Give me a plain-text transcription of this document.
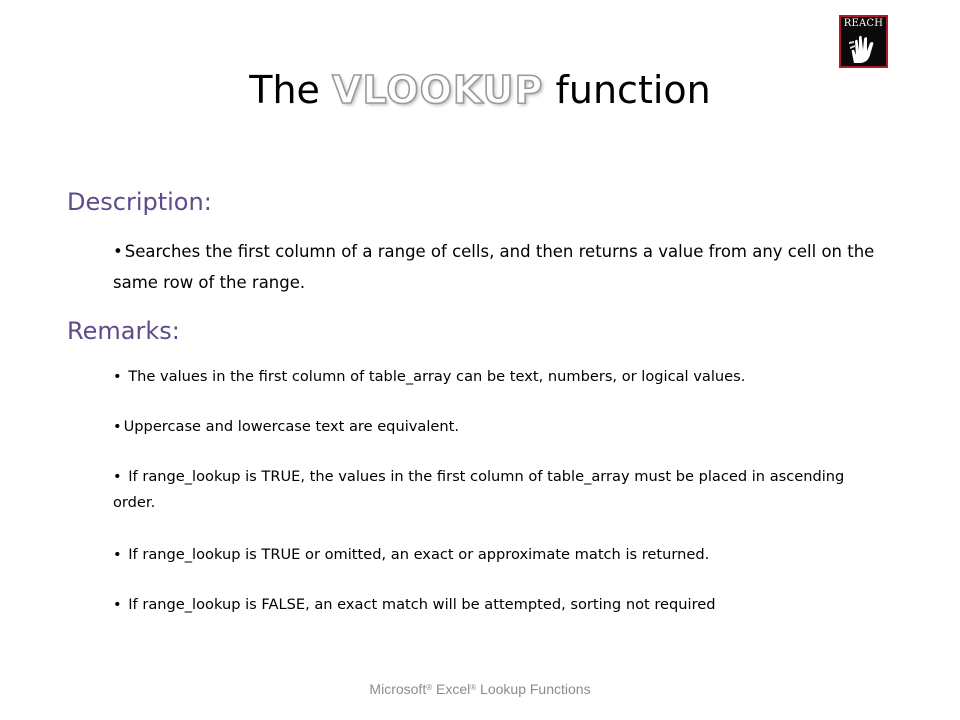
REACH
The VLOOKUP function
Description:
• Searches the first column of a range of cells, and then returns a value from any cell on the same row of the range.
Remarks:
• The values in the first column of table_array can be text, numbers, or logical values.
• Uppercase and lowercase text are equivalent.
• If range_lookup is TRUE, the values in the first column of table_array must be placed in ascending order.
• If range_lookup is TRUE or omitted, an exact or approximate match is returned.
• If range_lookup is FALSE, an exact match will be attempted, sorting not required
Microsoft® Excel® Lookup Functions
